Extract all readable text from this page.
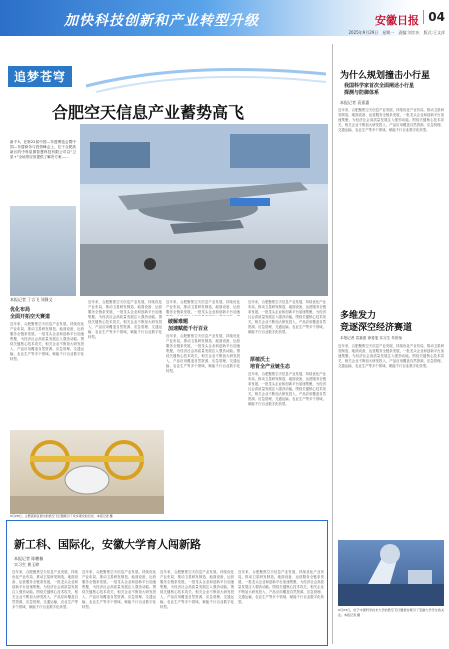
加快科技创新和产业转型升级	安徽日报 04
2025年9月29日　星期一　责编:刘宗庆　版式:王文祥
追梦苍穹
合肥空天信息产业蓄势高飞
新千3，在第22届中国—东盟博览会暨中国—东盟商务与投资峰会上，位于合肥高新区的中科星图智慧科技有限公司以“卫星+”全场景应用提供了解决方案……
本报记者 丁言飞 刘静文
优化布局
全面开拓空天赛道
近年来，合肥聚焦空天信息产业发展，持续优化产业布局，推动卫星研发制造、地面设备、运营服务全链条发展，一批龙头企业和创新平台加速集聚，为经济社会高质量发展注入强劲动能。围绕关键核心技术攻关，相关企业不断加大研发投入，产品应用覆盖自然资源、应急管理、交通运输、农业生产等多个领域，赋能千行百业数字化转型。
近年来，合肥聚焦空天信息产业发展，持续优化产业布局，推动卫星研发制造、地面设备、运营服务全链条发展，一批龙头企业和创新平台加速集聚，为经济社会高质量发展注入强劲动能。围绕关键核心技术攻关，相关企业不断加大研发投入，产品应用覆盖自然资源、应急管理、交通运输、农业生产等多个领域，赋能千行百业数字化转型。
破解难题
加速赋能千行百业
近年来，合肥聚焦空天信息产业发展，持续优化产业布局，推动卫星研发制造、地面设备、运营服务全链条发展，一批龙头企业和创新平台加速
近年来，合肥聚焦空天信息产业发展，持续优化产业布局，推动卫星研发制造、地面设备、运营服务全链条发展，一批龙头企业和创新平台加速集聚，为经济社会高质量发展注入强劲动能。围绕关键核心技术攻关，相关企业不断加大研发投入，产品应用覆盖自然资源、应急管理、交通运输、农业生产等多个领域，赋能千行百业数字化转型。
厚植沃土
培育全产业链生态
近年来，合肥聚焦空天信息产业发展，持续优化产业布局，推动卫星研发制造、地面设备、运营服务全链条发展，一批龙头企业和创新平台加速集聚，为经济社会高质量发展注入强劲动能。围绕关键核心技术攻关，相关企业不断加大研发投入，产品应用覆盖自然资源、应急管理、交通运输、农业生产等多个领域，赋能千行百业数字化转型。
近年来，合肥聚焦空天信息产业发展，持续优化产业布局，推动卫星研发制造、地面设备、运营服务全链条发展，一批龙头企业和创新平台加速集聚，为经济社会高质量发展注入强劲动能。围绕关键核心技术攻关，相关企业不断加大研发投入，产品应用覆盖自然资源、应急管理、交通运输、农业生产等多个领域，赋能千行百业数字化转型。
9月28日，合肥高新区展出的低空飞行器吸引了众多观众的目光。本报记者 摄
新工科、国际化，安徽大学育人闯新路
本报记者 陈鹏楠
实习生 黄玉婷
近年来，合肥聚焦空天信息产业发展，持续优化产业布局，推动卫星研发制造、地面设备、运营服务全链条发展，一批龙头企业和创新平台加速集聚，为经济社会高质量发展注入强劲动能。围绕关键核心技术攻关，相关企业不断加大研发投入，产品应用覆盖自然资源、应急管理、交通运输、农业生产等多个领域，赋能千行百业数字化转型。
近年来，合肥聚焦空天信息产业发展，持续优化产业布局，推动卫星研发制造、地面设备、运营服务全链条发展，一批龙头企业和创新平台加速集聚，为经济社会高质量发展注入强劲动能。围绕关键核心技术攻关，相关企业不断加大研发投入，产品应用覆盖自然资源、应急管理、交通运输、农业生产等多个领域，赋能千行百业数字化转型。
近年来，合肥聚焦空天信息产业发展，持续优化产业布局，推动卫星研发制造、地面设备、运营服务全链条发展，一批龙头企业和创新平台加速集聚，为经济社会高质量发展注入强劲动能。围绕关键核心技术攻关，相关企业不断加大研发投入，产品应用覆盖自然资源、应急管理、交通运输、农业生产等多个领域，赋能千行百业数字化转型。
近年来，合肥聚焦空天信息产业发展，持续优化产业布局，推动卫星研发制造、地面设备、运营服务全链条发展，一批龙头企业和创新平台加速集聚，为经济社会高质量发展注入强劲动能。围绕关键核心技术攻关，相关企业不断加大研发投入，产品应用覆盖自然资源、应急管理、交通运输、农业生产等多个领域，赋能千行百业数字化转型。
为什么规划撞击小行星
我国科学家首次全面阐述小行星
探测与防御体系
本报记者 袁嘉惠
近年来，合肥聚焦空天信息产业发展，持续优化产业布局，推动卫星研发制造、地面设备、运营服务全链条发展，一批龙头企业和创新平台加速集聚，为经济社会高质量发展注入强劲动能。围绕关键核心技术攻关，相关企业不断加大研发投入，产品应用覆盖自然资源、应急管理、交通运输、农业生产等多个领域，赋能千行百业数字化转型。
多维发力
竞逐深空经济赛道
本报记者 袁嘉惠 徐斐斐 实习生 朱欣怡
近年来，合肥聚焦空天信息产业发展，持续优化产业布局，推动卫星研发制造、地面设备、运营服务全链条发展，一批龙头企业和创新平台加速集聚，为经济社会高质量发展注入强劲动能。围绕关键核心技术攻关，相关企业不断加大研发投入，产品应用覆盖自然资源、应急管理、交通运输、农业生产等多个领域，赋能千行百业数字化转型。
9月23日，位于中国科学技术大学的低空飞行器展台吸引了安徽大学学生的关注。本报记者 摄
